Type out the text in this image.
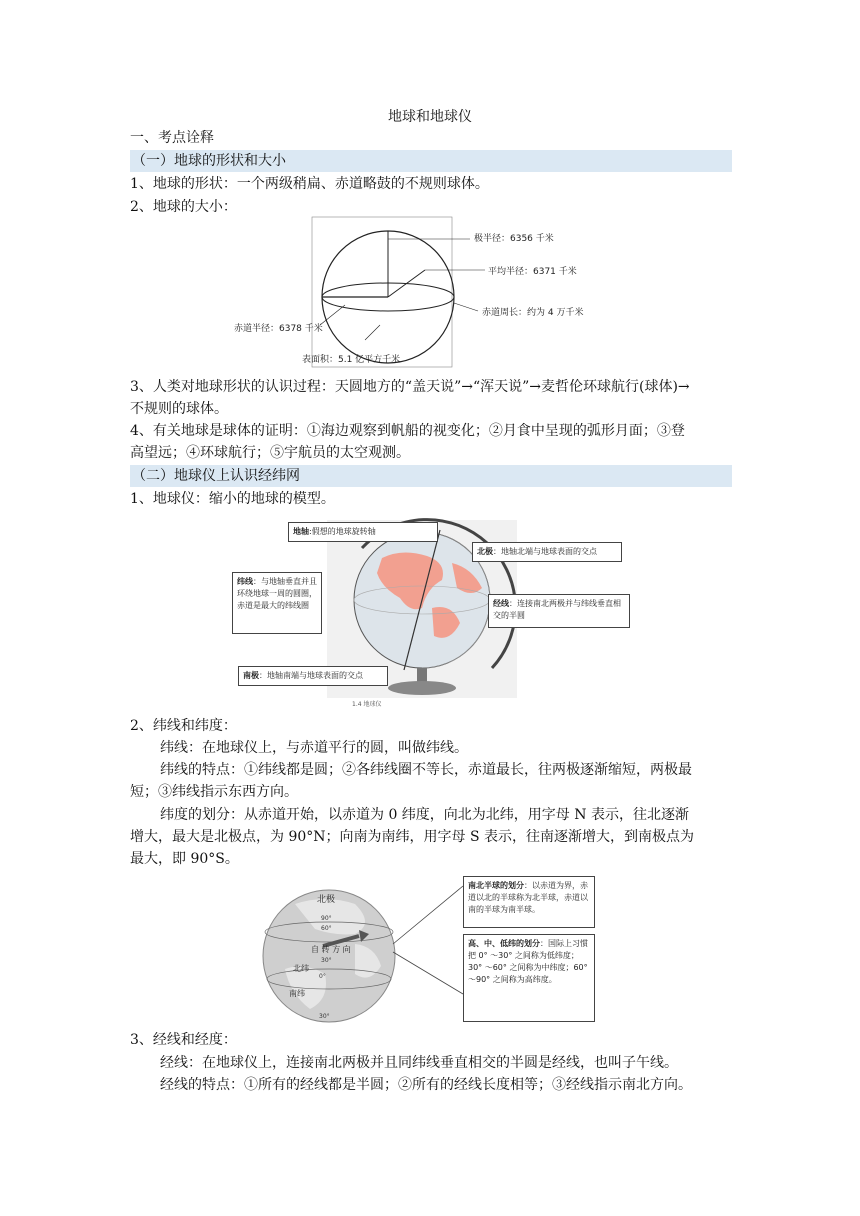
地球和地球仪
一、考点诠释
（一）地球的形状和大小
1、地球的形状：一个两级稍扁、赤道略鼓的不规则球体。
2、地球的大小：
极半径：6356 千米
平均半径：6371 千米
赤道周长：约为 4 万千米
赤道半径：6378 千米
表面积：5.1 亿平方千米
3、人类对地球形状的认识过程：天圆地方的“盖天说”→“浑天说”→麦哲伦环球航行(球体)→
不规则的球体。
4、有关地球是球体的证明：①海边观察到帆船的视变化；②月食中呈现的弧形月面；③登
高望远；④环球航行；⑤宇航员的太空观测。
（二）地球仪上认识经纬网
1、地球仪：缩小的地球的模型。
1.4 地球仪
地轴:假想的地球旋转轴
北极：地轴北端与地球表面的交点
纬线：与地轴垂直并且环绕地球一周的圆圈，赤道是最大的纬线圈	经线：连接南北两极并与纬线垂直相交的半圆
南极：地轴南端与地球表面的交点
2、纬线和纬度：
纬线：在地球仪上，与赤道平行的圆，叫做纬线。
纬线的特点：①纬线都是圆；②各纬线圈不等长，赤道最长，往两极逐渐缩短，两极最
短；③纬线指示东西方向。
纬度的划分：从赤道开始，以赤道为 0 纬度，向北为北纬，用字母 N 表示，往北逐渐
增大，最大是北极点，为 90°N；向南为南纬，用字母 S 表示，往南逐渐增大，到南极点为
最大，即 90°S。
北极
自 转 方 向
北纬
南纬
90°
60°
30°
0°
30°
南北半球的划分：以赤道为界，赤道以北的半球称为北半球，赤道以南的半球为南半球。
高、中、低纬的划分：国际上习惯把 0° ～30° 之间称为低纬度；30° ～60° 之间称为中纬度；60° ～90° 之间称为高纬度。
3、经线和经度：
经线：在地球仪上，连接南北两极并且同纬线垂直相交的半圆是经线，也叫子午线。
经线的特点：①所有的经线都是半圆；②所有的经线长度相等；③经线指示南北方向。
